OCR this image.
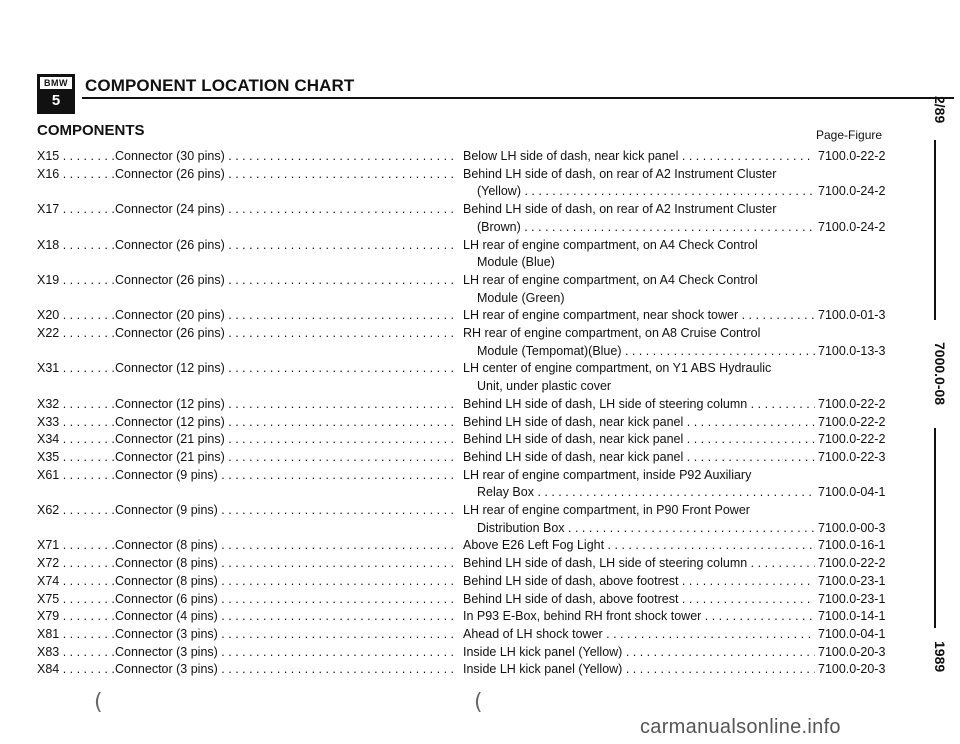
BMW
5
COMPONENT LOCATION CHART
COMPONENTS	Page-Figure
X15 . . .	Connector (30 pins) . . .	Below LH side of dash, near kick panel . . .	7100.0-22-2
X16 . . .	Connector (26 pins) . . .	Behind LH side of dash, on rear of A2 Instrument Cluster
(Yellow) . . .	7100.0-24-2
X17 . . .	Connector (24 pins) . . .	Behind LH side of dash, on rear of A2 Instrument Cluster
(Brown) . . .	7100.0-24-2
X18 . . .	Connector (26 pins) . . .	LH rear of engine compartment, on A4 Check Control
Module (Blue)
X19 . . .	Connector (26 pins) . . .	LH rear of engine compartment, on A4 Check Control
Module (Green)
X20 . . .	Connector (20 pins) . . .	LH rear of engine compartment, near shock tower . . .	7100.0-01-3
X22 . . .	Connector (26 pins) . . .	RH rear of engine compartment, on A8 Cruise Control
Module (Tempomat)(Blue) . . .	7100.0-13-3
X31 . . .	Connector (12 pins) . . .	LH center of engine compartment, on Y1 ABS Hydraulic
Unit, under plastic cover
X32 . . .	Connector (12 pins) . . .	Behind LH side of dash, LH side of steering column . . .	7100.0-22-2
X33 . . .	Connector (12 pins) . . .	Behind LH side of dash, near kick panel . . .	7100.0-22-2
X34 . . .	Connector (21 pins) . . .	Behind LH side of dash, near kick panel . . .	7100.0-22-2
X35 . . .	Connector (21 pins) . . .	Behind LH side of dash, near kick panel . . .	7100.0-22-3
X61 . . .	Connector (9 pins) . . .	LH rear of engine compartment, inside P92 Auxiliary
Relay Box . . .	7100.0-04-1
X62 . . .	Connector (9 pins) . . .	LH rear of engine compartment, in P90 Front Power
Distribution Box . . .	7100.0-00-3
X71 . . .	Connector (8 pins) . . .	Above E26 Left Fog Light . . .	7100.0-16-1
X72 . . .	Connector (8 pins) . . .	Behind LH side of dash, LH side of steering column . . .	7100.0-22-2
X74 . . .	Connector (8 pins) . . .	Behind LH side of dash, above footrest . . .	7100.0-23-1
X75 . . .	Connector (6 pins) . . .	Behind LH side of dash, above footrest . . .	7100.0-23-1
X79 . . .	Connector (4 pins) . . .	In P93 E-Box, behind RH front shock tower . . .	7100.0-14-1
X81 . . .	Connector (3 pins) . . .	Ahead of LH shock tower . . .	7100.0-04-1
X83 . . .	Connector (3 pins) . . .	Inside LH kick panel (Yellow) . . .	7100.0-20-3
X84 . . .	Connector (3 pins) . . .	Inside LH kick panel (Yellow) . . .	7100.0-20-3
2/89
7000.0-08
1989
(	(
carmanualsonline.info
